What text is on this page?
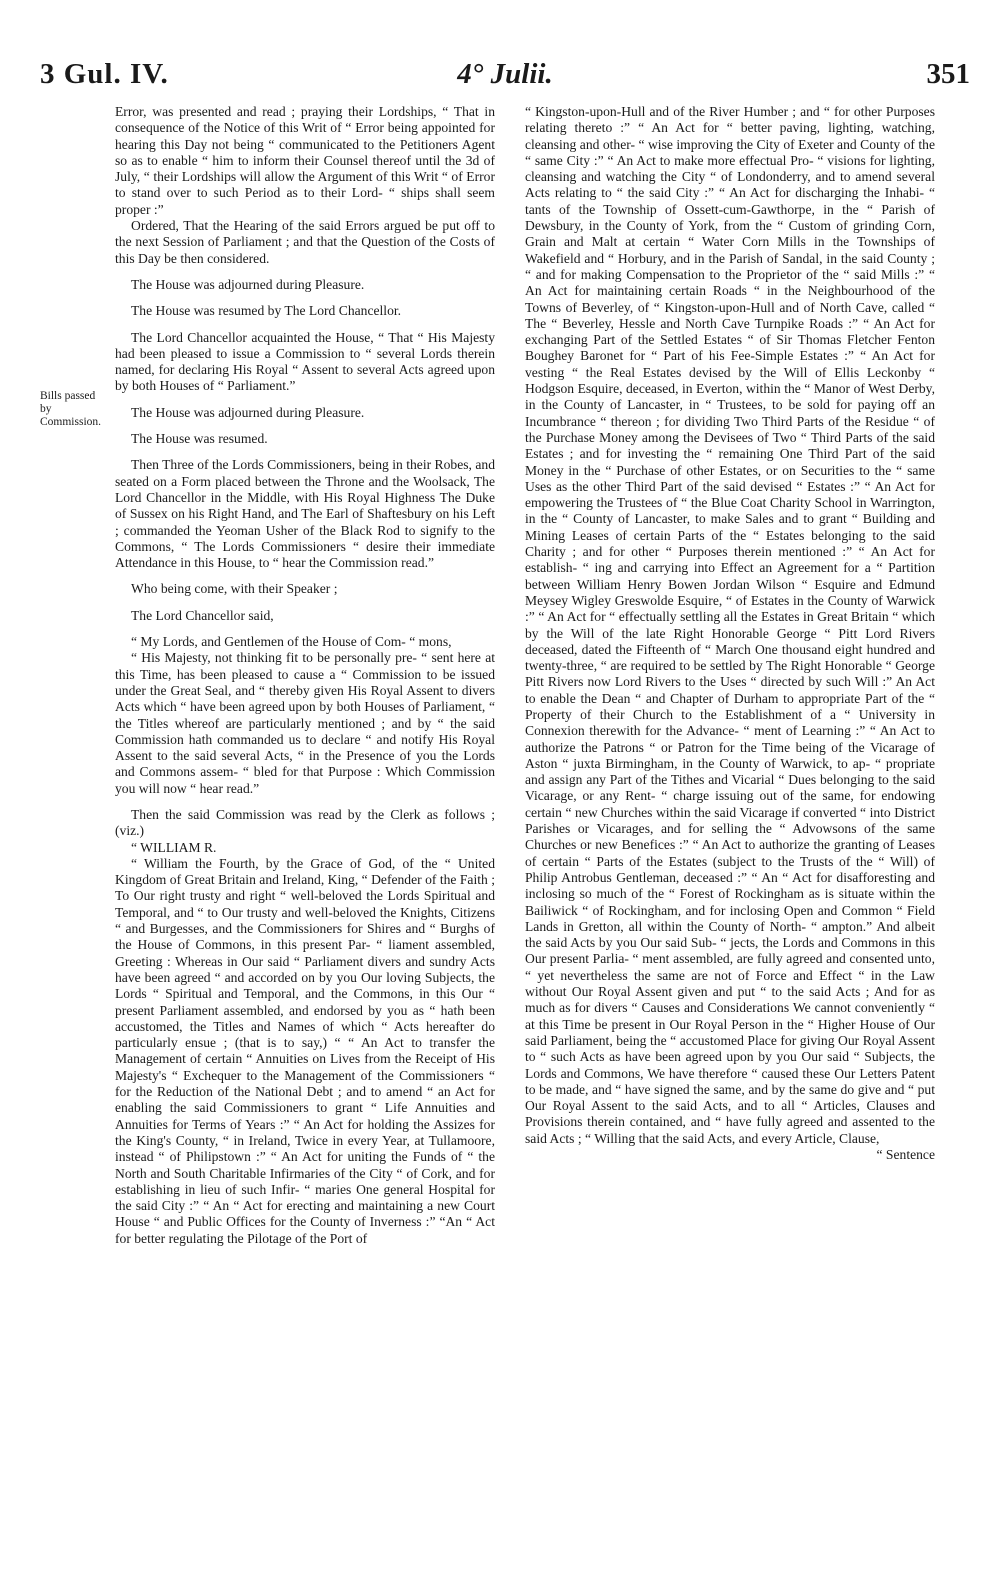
3 Gul. IV.	4° Julii.	351
Bills passed by Commission.

Error, was presented and read ; praying their Lordships, “ That in consequence of the Notice of this Writ of “ Error being appointed for hearing this Day not being “ communicated to the Petitioners Agent so as to enable “ him to inform their Counsel thereof until the 3d of July, “ their Lordships will allow the Argument of this Writ “ of Error to stand over to such Period as to their Lord- “ ships shall seem proper :”

Ordered, That the Hearing of the said Errors argued be put off to the next Session of Parliament ; and that the Question of the Costs of this Day be then considered.

The House was adjourned during Pleasure.

The House was resumed by The Lord Chancellor.

The Lord Chancellor acquainted the House, “ That “ His Majesty had been pleased to issue a Commission to “ several Lords therein named, for declaring His Royal “ Assent to several Acts agreed upon by both Houses of “ Parliament.”

The House was adjourned during Pleasure.

The House was resumed.

Then Three of the Lords Commissioners, being in their Robes, and seated on a Form placed between the Throne and the Woolsack, The Lord Chancellor in the Middle, with His Royal Highness The Duke of Sussex on his Right Hand, and The Earl of Shaftesbury on his Left ; commanded the Yeoman Usher of the Black Rod to signify to the Commons, “ The Lords Commissioners “ desire their immediate Attendance in this House, to “ hear the Commission read.”

Who being come, with their Speaker ;

The Lord Chancellor said,

“ My Lords, and Gentlemen of the House of Com- “ mons,

“ His Majesty, not thinking fit to be personally pre- “ sent here at this Time, has been pleased to cause a “ Commission to be issued under the Great Seal, and “ thereby given His Royal Assent to divers Acts which “ have been agreed upon by both Houses of Parliament, “ the Titles whereof are particularly mentioned ; and by “ the said Commission hath commanded us to declare “ and notify His Royal Assent to the said several Acts, “ in the Presence of you the Lords and Commons assem- “ bled for that Purpose : Which Commission you will now “ hear read.”

Then the said Commission was read by the Clerk as follows ; (viz.)

“ WILLIAM R.

“ William the Fourth, by the Grace of God, of the “ United Kingdom of Great Britain and Ireland, King, “ Defender of the Faith ; To Our right trusty and right “ well-beloved the Lords Spiritual and Temporal, and “ to Our trusty and well-beloved the Knights, Citizens “ and Burgesses, and the Commissioners for Shires and “ Burghs of the House of Commons, in this present Par- “ liament assembled, Greeting : Whereas in Our said “ Parliament divers and sundry Acts have been agreed “ and accorded on by you Our loving Subjects, the Lords “ Spiritual and Temporal, and the Commons, in this Our “ present Parliament assembled, and endorsed by you as “ hath been accustomed, the Titles and Names of which “ Acts hereafter do particularly ensue ; (that is to say,) “ “ An Act to transfer the Management of certain “ Annuities on Lives from the Receipt of His Majesty's “ Exchequer to the Management of the Commissioners “ for the Reduction of the National Debt ; and to amend “ an Act for enabling the said Commissioners to grant “ Life Annuities and Annuities for Terms of Years :” “ An Act for holding the Assizes for the King's County, “ in Ireland, Twice in every Year, at Tullamoore, instead “ of Philipstown :” “ An Act for uniting the Funds of “ the North and South Charitable Infirmaries of the City “ of Cork, and for establishing in lieu of such Infir- “ maries One general Hospital for the said City :” “ An “ Act for erecting and maintaining a new Court House “ and Public Offices for the County of Inverness :” “An “ Act for better regulating the Pilotage of the Port of

“ Kingston-upon-Hull and of the River Humber ; and “ for other Purposes relating thereto :” “ An Act for “ better paving, lighting, watching, cleansing and other- “ wise improving the City of Exeter and County of the “ same City :” “ An Act to make more effectual Pro- “ visions for lighting, cleansing and watching the City “ of Londonderry, and to amend several Acts relating to “ the said City :” “ An Act for discharging the Inhabi- “ tants of the Township of Ossett-cum-Gawthorpe, in the “ Parish of Dewsbury, in the County of York, from the “ Custom of grinding Corn, Grain and Malt at certain “ Water Corn Mills in the Townships of Wakefield and “ Horbury, and in the Parish of Sandal, in the said County ; “ and for making Compensation to the Proprietor of the “ said Mills :” “ An Act for maintaining certain Roads “ in the Neighbourhood of the Towns of Beverley, of “ Kingston-upon-Hull and of North Cave, called “ The “ Beverley, Hessle and North Cave Turnpike Roads :” “ An Act for exchanging Part of the Settled Estates “ of Sir Thomas Fletcher Fenton Boughey Baronet for “ Part of his Fee-Simple Estates :” “ An Act for vesting “ the Real Estates devised by the Will of Ellis Leckonby “ Hodgson Esquire, deceased, in Everton, within the “ Manor of West Derby, in the County of Lancaster, in “ Trustees, to be sold for paying off an Incumbrance “ thereon ; for dividing Two Third Parts of the Residue “ of the Purchase Money among the Devisees of Two “ Third Parts of the said Estates ; and for investing the “ remaining One Third Part of the said Money in the “ Purchase of other Estates, or on Securities to the “ same Uses as the other Third Part of the said devised “ Estates :” “ An Act for empowering the Trustees of “ the Blue Coat Charity School in Warrington, in the “ County of Lancaster, to make Sales and to grant “ Building and Mining Leases of certain Parts of the “ Estates belonging to the said Charity ; and for other “ Purposes therein mentioned :” “ An Act for establish- “ ing and carrying into Effect an Agreement for a “ Partition between William Henry Bowen Jordan Wilson “ Esquire and Edmund Meysey Wigley Greswolde Esquire, “ of Estates in the County of Warwick :” “ An Act for “ effectually settling all the Estates in Great Britain “ which by the Will of the late Right Honorable George “ Pitt Lord Rivers deceased, dated the Fifteenth of “ March One thousand eight hundred and twenty-three, “ are required to be settled by The Right Honorable “ George Pitt Rivers now Lord Rivers to the Uses “ directed by such Will :” An Act to enable the Dean “ and Chapter of Durham to appropriate Part of the “ Property of their Church to the Establishment of a “ University in Connexion therewith for the Advance- “ ment of Learning :” “ An Act to authorize the Patrons “ or Patron for the Time being of the Vicarage of Aston “ juxta Birmingham, in the County of Warwick, to ap- “ propriate and assign any Part of the Tithes and Vicarial “ Dues belonging to the said Vicarage, or any Rent- “ charge issuing out of the same, for endowing certain “ new Churches within the said Vicarage if converted “ into District Parishes or Vicarages, and for selling the “ Advowsons of the same Churches or new Benefices :” “ An Act to authorize the granting of Leases of certain “ Parts of the Estates (subject to the Trusts of the “ Will) of Philip Antrobus Gentleman, deceased :” “ An “ Act for disafforesting and inclosing so much of the “ Forest of Rockingham as is situate within the Bailiwick “ of Rockingham, and for inclosing Open and Common “ Field Lands in Gretton, all within the County of North- “ ampton.” And albeit the said Acts by you Our said Sub- “ jects, the Lords and Commons in this Our present Parlia- “ ment assembled, are fully agreed and consented unto, “ yet nevertheless the same are not of Force and Effect “ in the Law without Our Royal Assent given and put “ to the said Acts ; And for as much as for divers “ Causes and Considerations We cannot conveniently “ at this Time be present in Our Royal Person in the “ Higher House of Our said Parliament, being the “ accustomed Place for giving Our Royal Assent to “ such Acts as have been agreed upon by you Our said “ Subjects, the Lords and Commons, We have therefore “ caused these Our Letters Patent to be made, and “ have signed the same, and by the same do give and “ put Our Royal Assent to the said Acts, and to all “ Articles, Clauses and Provisions therein contained, and “ have fully agreed and assented to the said Acts ; “ Willing that the said Acts, and every Article, Clause,

“ Sentence
